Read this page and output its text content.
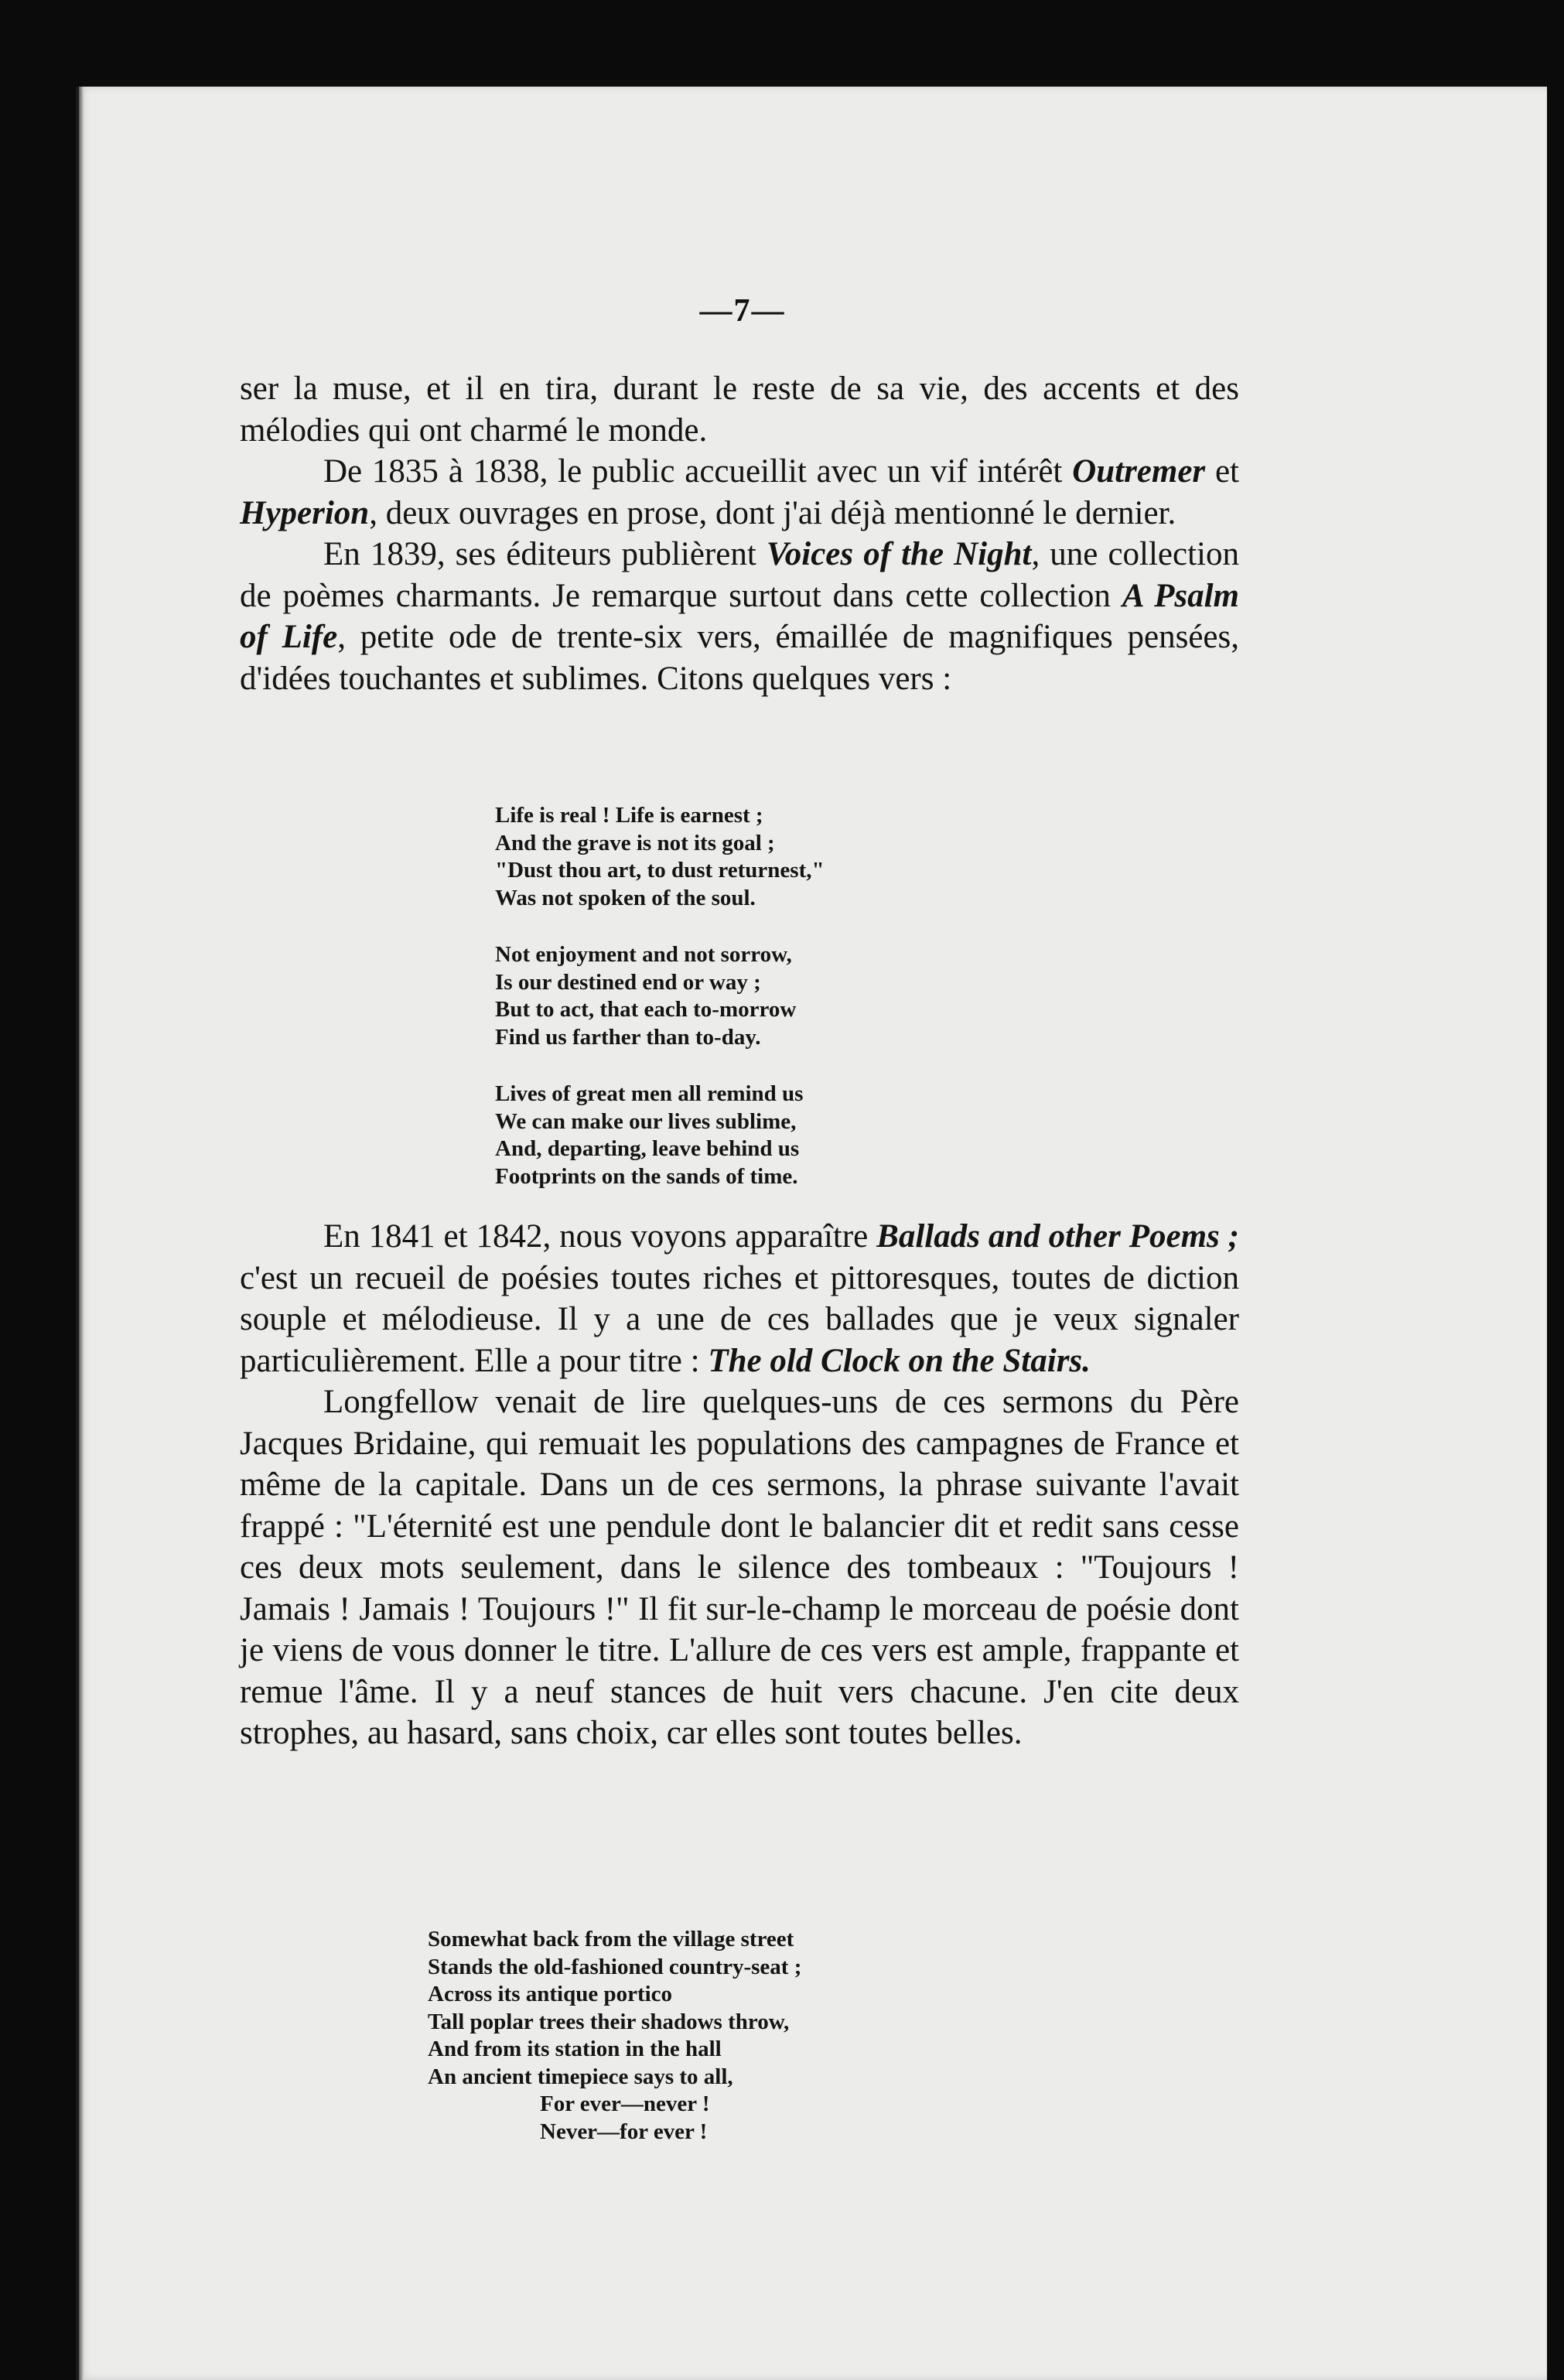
—7—

ser la muse, et il en tira, durant le reste de sa vie, des accents et des mélodies qui ont charmé le monde.

De 1835 à 1838, le public accueillit avec un vif intérêt Outremer et Hyperion, deux ouvrages en prose, dont j'ai déjà mentionné le dernier.

En 1839, ses éditeurs publièrent Voices of the Night, une collection de poèmes charmants. Je remarque surtout dans cette collection A Psalm of Life, petite ode de trente-six vers, émaillée de magnifiques pensées, d'idées touchantes et sublimes. Citons quelques vers :

Life is real ! Life is earnest ;
And the grave is not its goal ;
"Dust thou art, to dust returnest,"
Was not spoken of the soul.
Not enjoyment and not sorrow,
Is our destined end or way ;
But to act, that each to-morrow
Find us farther than to-day.
Lives of great men all remind us
We can make our lives sublime,
And, departing, leave behind us
Footprints on the sands of time.

En 1841 et 1842, nous voyons apparaître Ballads and other Poems ; c'est un recueil de poésies toutes riches et pittoresques, toutes de diction souple et mélodieuse. Il y a une de ces ballades que je veux signaler particulièrement. Elle a pour titre : The old Clock on the Stairs.

Longfellow venait de lire quelques-uns de ces sermons du Père Jacques Bridaine, qui remuait les populations des campagnes de France et même de la capitale. Dans un de ces sermons, la phrase suivante l'avait frappé : "L'éternité est une pendule dont le balancier dit et redit sans cesse ces deux mots seulement, dans le silence des tombeaux : "Toujours ! Jamais ! Jamais ! Toujours !" Il fit sur-le-champ le morceau de poésie dont je viens de vous donner le titre. L'allure de ces vers est ample, frappante et remue l'âme. Il y a neuf stances de huit vers chacune. J'en cite deux strophes, au hasard, sans choix, car elles sont toutes belles.

Somewhat back from the village street
Stands the old-fashioned country-seat ;
Across its antique portico
Tall poplar trees their shadows throw,
And from its station in the hall
An ancient timepiece says to all,
For ever—never !
Never—for ever !
